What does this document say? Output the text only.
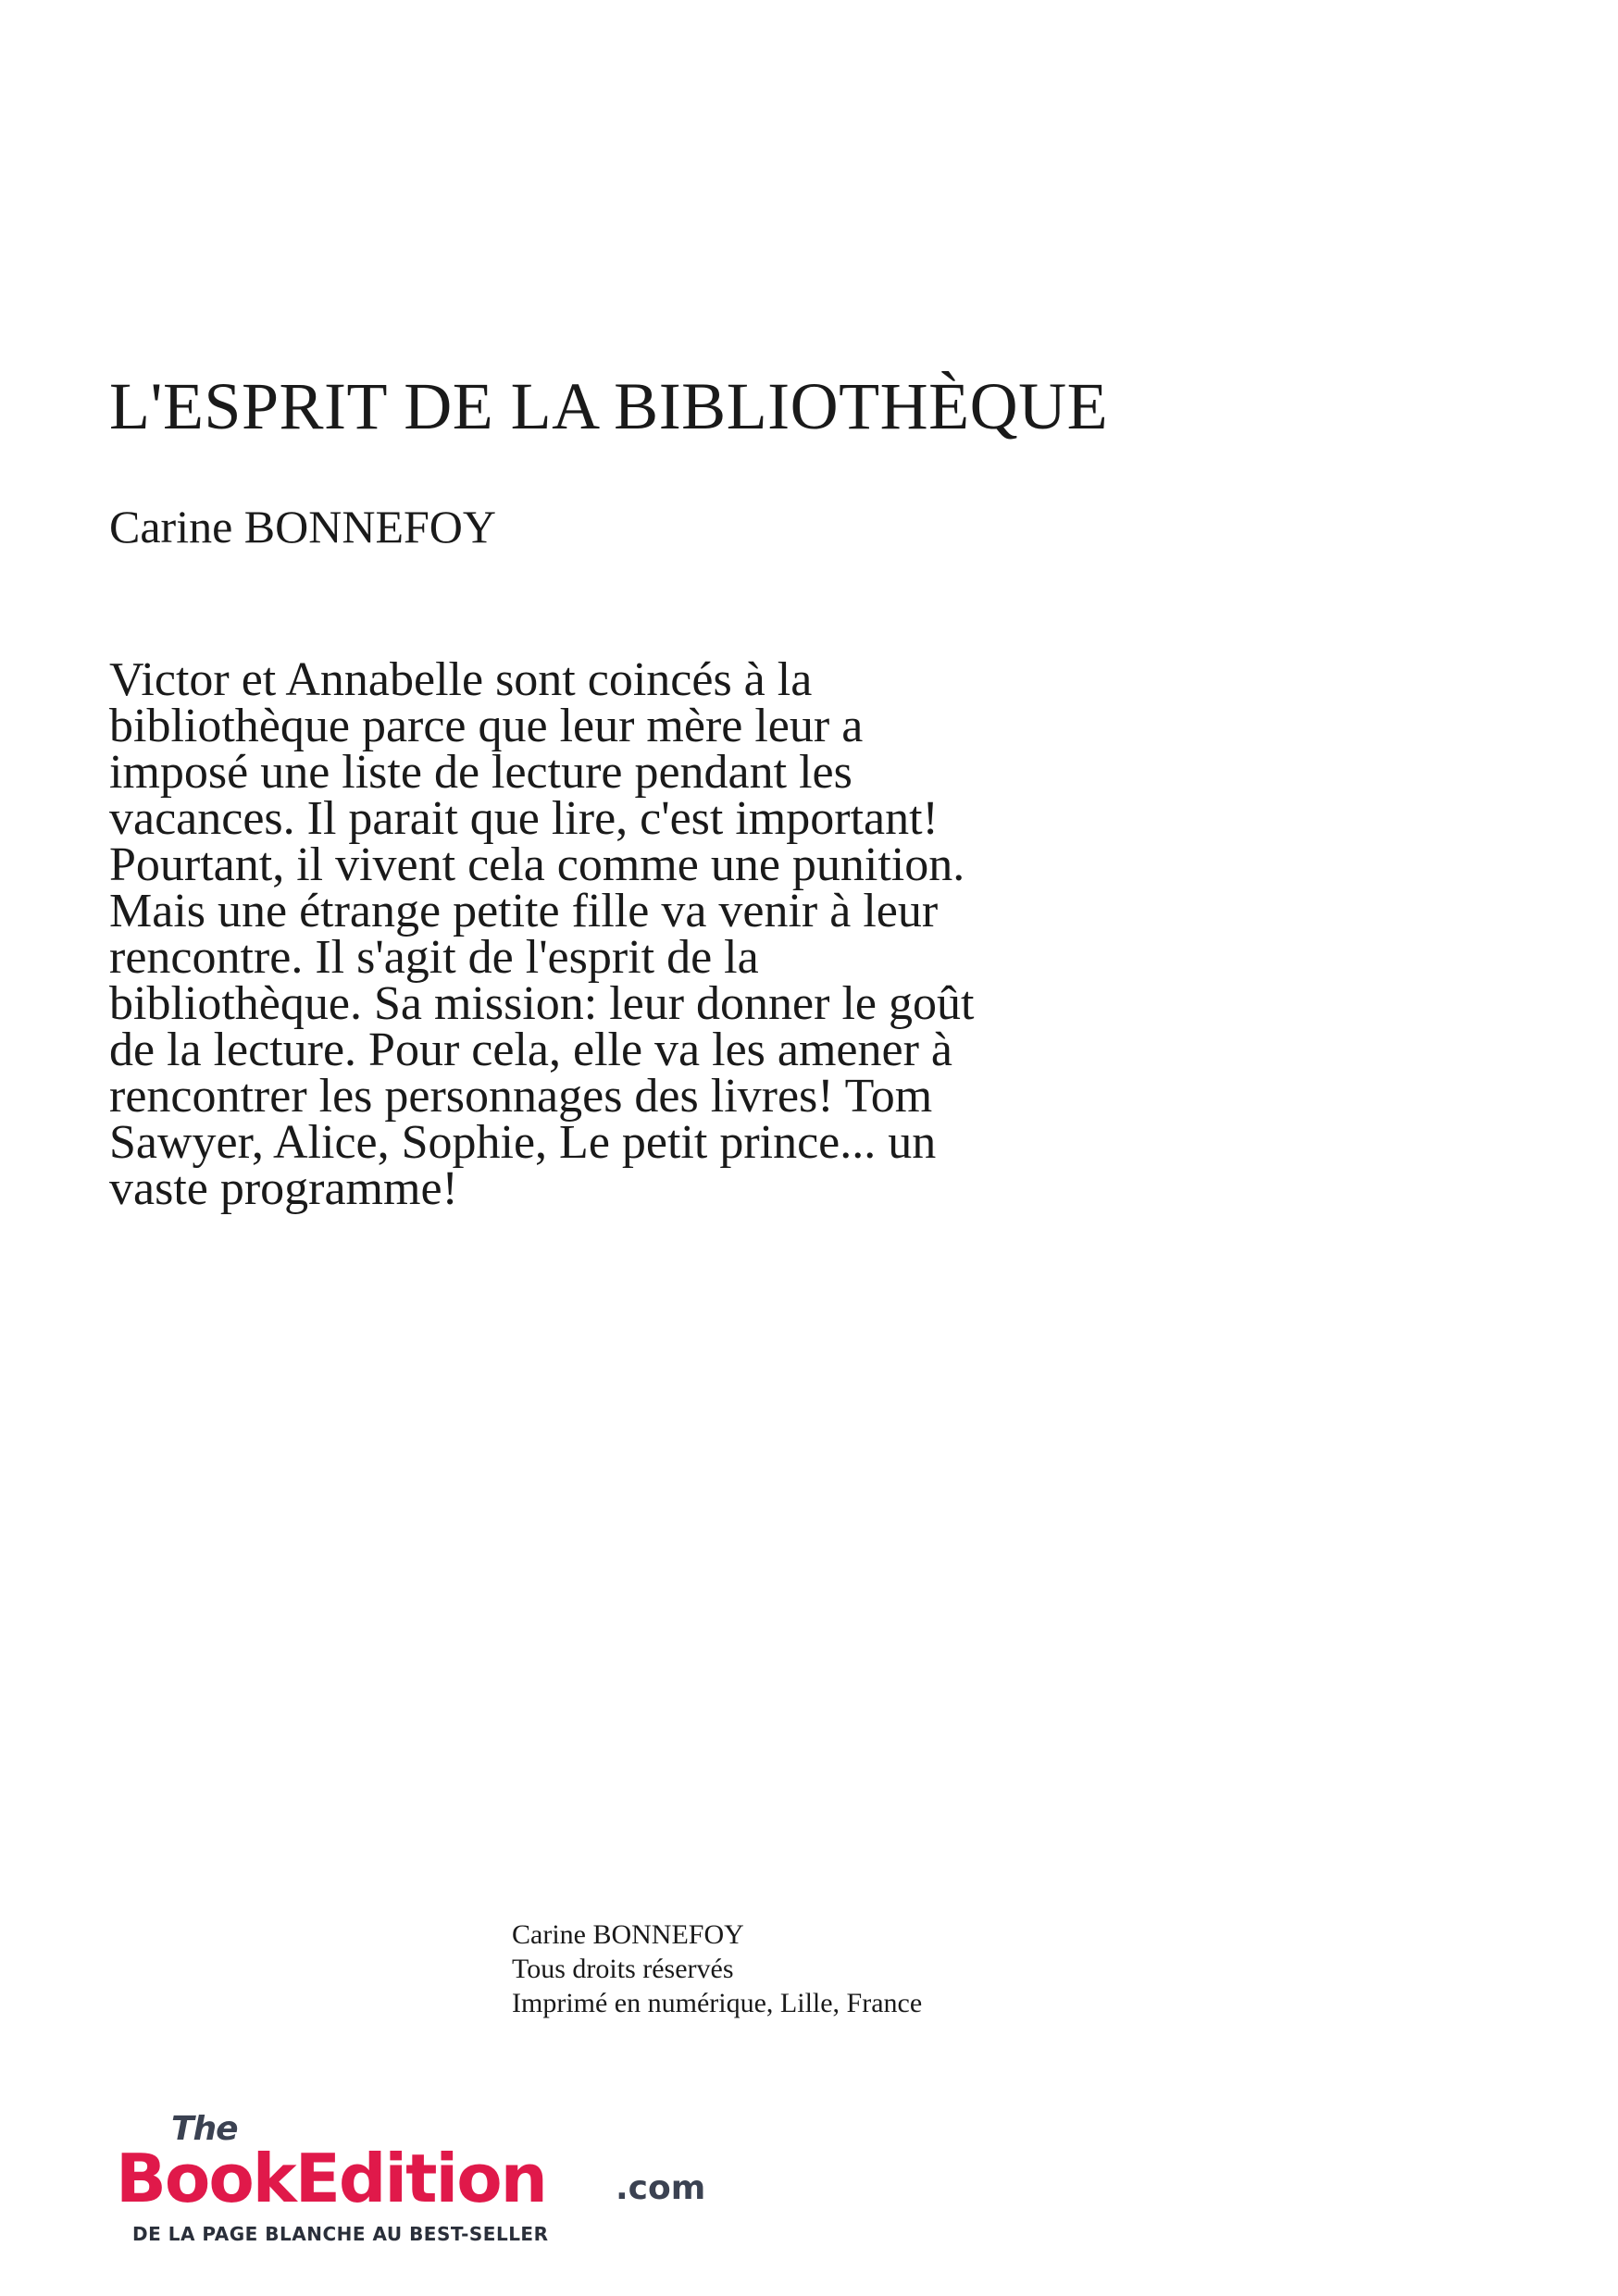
L'ESPRIT DE LA BIBLIOTHÈQUE
Carine BONNEFOY

Victor et Annabelle sont coincés à la
bibliothèque parce que leur mère leur a
imposé une liste de lecture pendant les
vacances. Il parait que lire, c'est important!
Pourtant, il vivent cela comme une punition.
Mais une étrange petite fille va venir à leur
rencontre. Il s'agit de l'esprit de la
bibliothèque. Sa mission: leur donner le goût
de la lecture. Pour cela, elle va les amener à
rencontrer les personnages des livres! Tom
Sawyer, Alice, Sophie, Le petit prince... un
vaste programme!

Carine BONNEFOY
Tous droits réservés
Imprimé en numérique, Lille, France

The
BookEdition .com
DE LA PAGE BLANCHE AU BEST-SELLER
